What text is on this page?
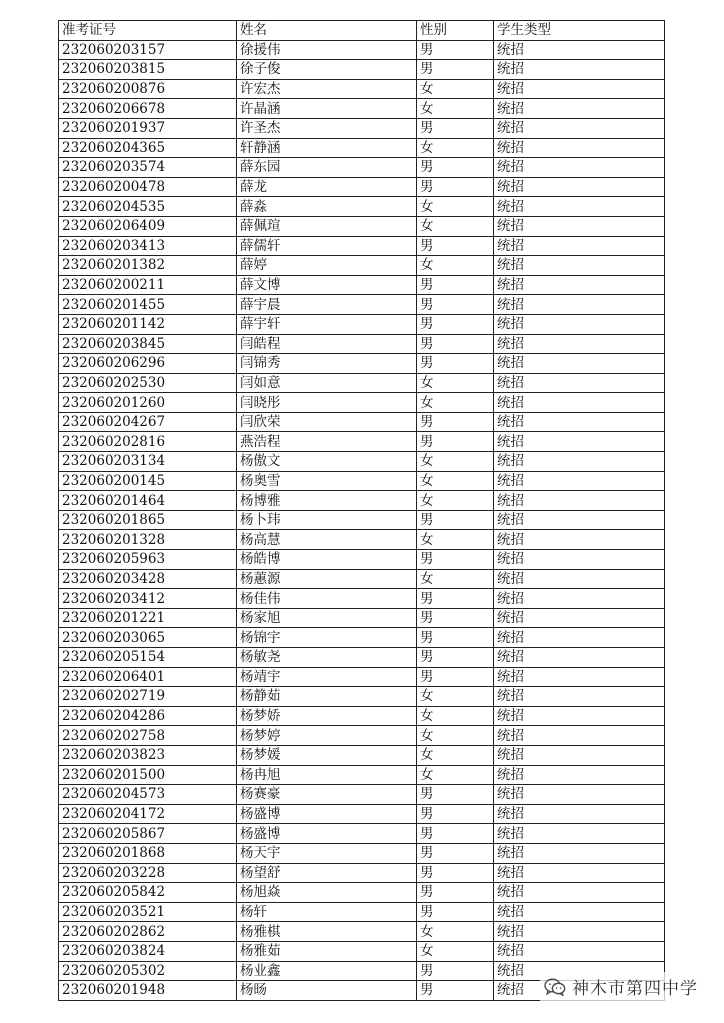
准考证号	姓名	性别	学生类型
232060203157	徐援伟	男	统招
232060203815	徐子俊	男	统招
232060200876	许宏杰	女	统招
232060206678	许晶涵	女	统招
232060201937	许圣杰	男	统招
232060204365	轩静涵	女	统招
232060203574	薛东园	男	统招
232060200478	薛龙	男	统招
232060204535	薛淼	女	统招
232060206409	薛佩瑄	女	统招
232060203413	薛儒轩	男	统招
232060201382	薛婷	女	统招
232060200211	薛文博	男	统招
232060201455	薛宇晨	男	统招
232060201142	薛宇轩	男	统招
232060203845	闫皓程	男	统招
232060206296	闫锦秀	男	统招
232060202530	闫如意	女	统招
232060201260	闫晓彤	女	统招
232060204267	闫欣荣	男	统招
232060202816	燕浩程	男	统招
232060203134	杨傲文	女	统招
232060200145	杨奥雪	女	统招
232060201464	杨博雅	女	统招
232060201865	杨卜玮	男	统招
232060201328	杨高慧	女	统招
232060205963	杨皓博	男	统招
232060203428	杨蕙源	女	统招
232060203412	杨佳伟	男	统招
232060201221	杨家旭	男	统招
232060203065	杨锦宇	男	统招
232060205154	杨敏尧	男	统招
232060206401	杨靖宇	男	统招
232060202719	杨静茹	女	统招
232060204286	杨梦娇	女	统招
232060202758	杨梦婷	女	统招
232060203823	杨梦媛	女	统招
232060201500	杨冉旭	女	统招
232060204573	杨赛豪	男	统招
232060204172	杨盛博	男	统招
232060205867	杨盛博	男	统招
232060201868	杨天宇	男	统招
232060203228	杨望舒	男	统招
232060205842	杨旭焱	男	统招
232060203521	杨轩	男	统招
232060202862	杨雅棋	女	统招
232060203824	杨雅茹	女	统招
232060205302	杨业鑫	男	统招
232060201948	杨旸	男	统招	神木市第四中学
